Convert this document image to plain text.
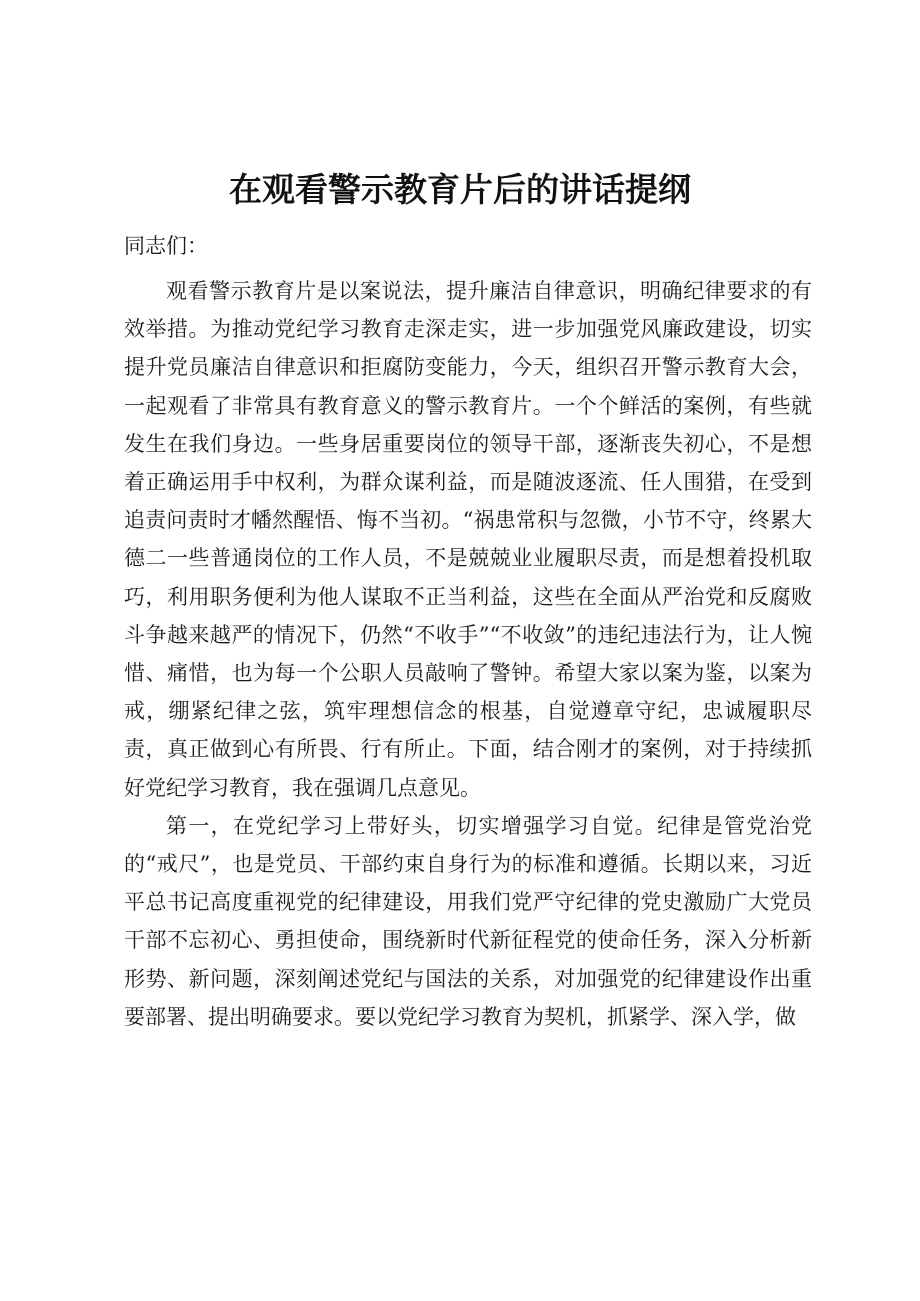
在观看警示教育片后的讲话提纲

同志们：

观看警示教育片是以案说法，提升廉洁自律意识，明确纪律要求的有效举措。为推动党纪学习教育走深走实，进一步加强党风廉政建设，切实提升党员廉洁自律意识和拒腐防变能力，今天，组织召开警示教育大会，一起观看了非常具有教育意义的警示教育片。一个个鲜活的案例，有些就发生在我们身边。一些身居重要岗位的领导干部，逐渐丧失初心，不是想着正确运用手中权利，为群众谋利益，而是随波逐流、任人围猎，在受到追责问责时才幡然醒悟、悔不当初。“祸患常积与忽微，小节不守，终累大德二一些普通岗位的工作人员，不是兢兢业业履职尽责，而是想着投机取巧，利用职务便利为他人谋取不正当利益，这些在全面从严治党和反腐败斗争越来越严的情况下，仍然“不收手”“不收敛”的违纪违法行为，让人惋惜、痛惜，也为每一个公职人员敲响了警钟。希望大家以案为鉴，以案为戒，绷紧纪律之弦，筑牢理想信念的根基，自觉遵章守纪，忠诚履职尽责，真正做到心有所畏、行有所止。下面，结合刚才的案例，对于持续抓好党纪学习教育，我在强调几点意见。

第一，在党纪学习上带好头，切实增强学习自觉。纪律是管党治党的“戒尺”，也是党员、干部约束自身行为的标准和遵循。长期以来，习近平总书记高度重视党的纪律建设，用我们党严守纪律的党史激励广大党员干部不忘初心、勇担使命，围绕新时代新征程党的使命任务，深入分析新形势、新问题，深刻阐述党纪与国法的关系，对加强党的纪律建设作出重要部署、提出明确要求。要以党纪学习教育为契机，抓紧学、深入学，做
